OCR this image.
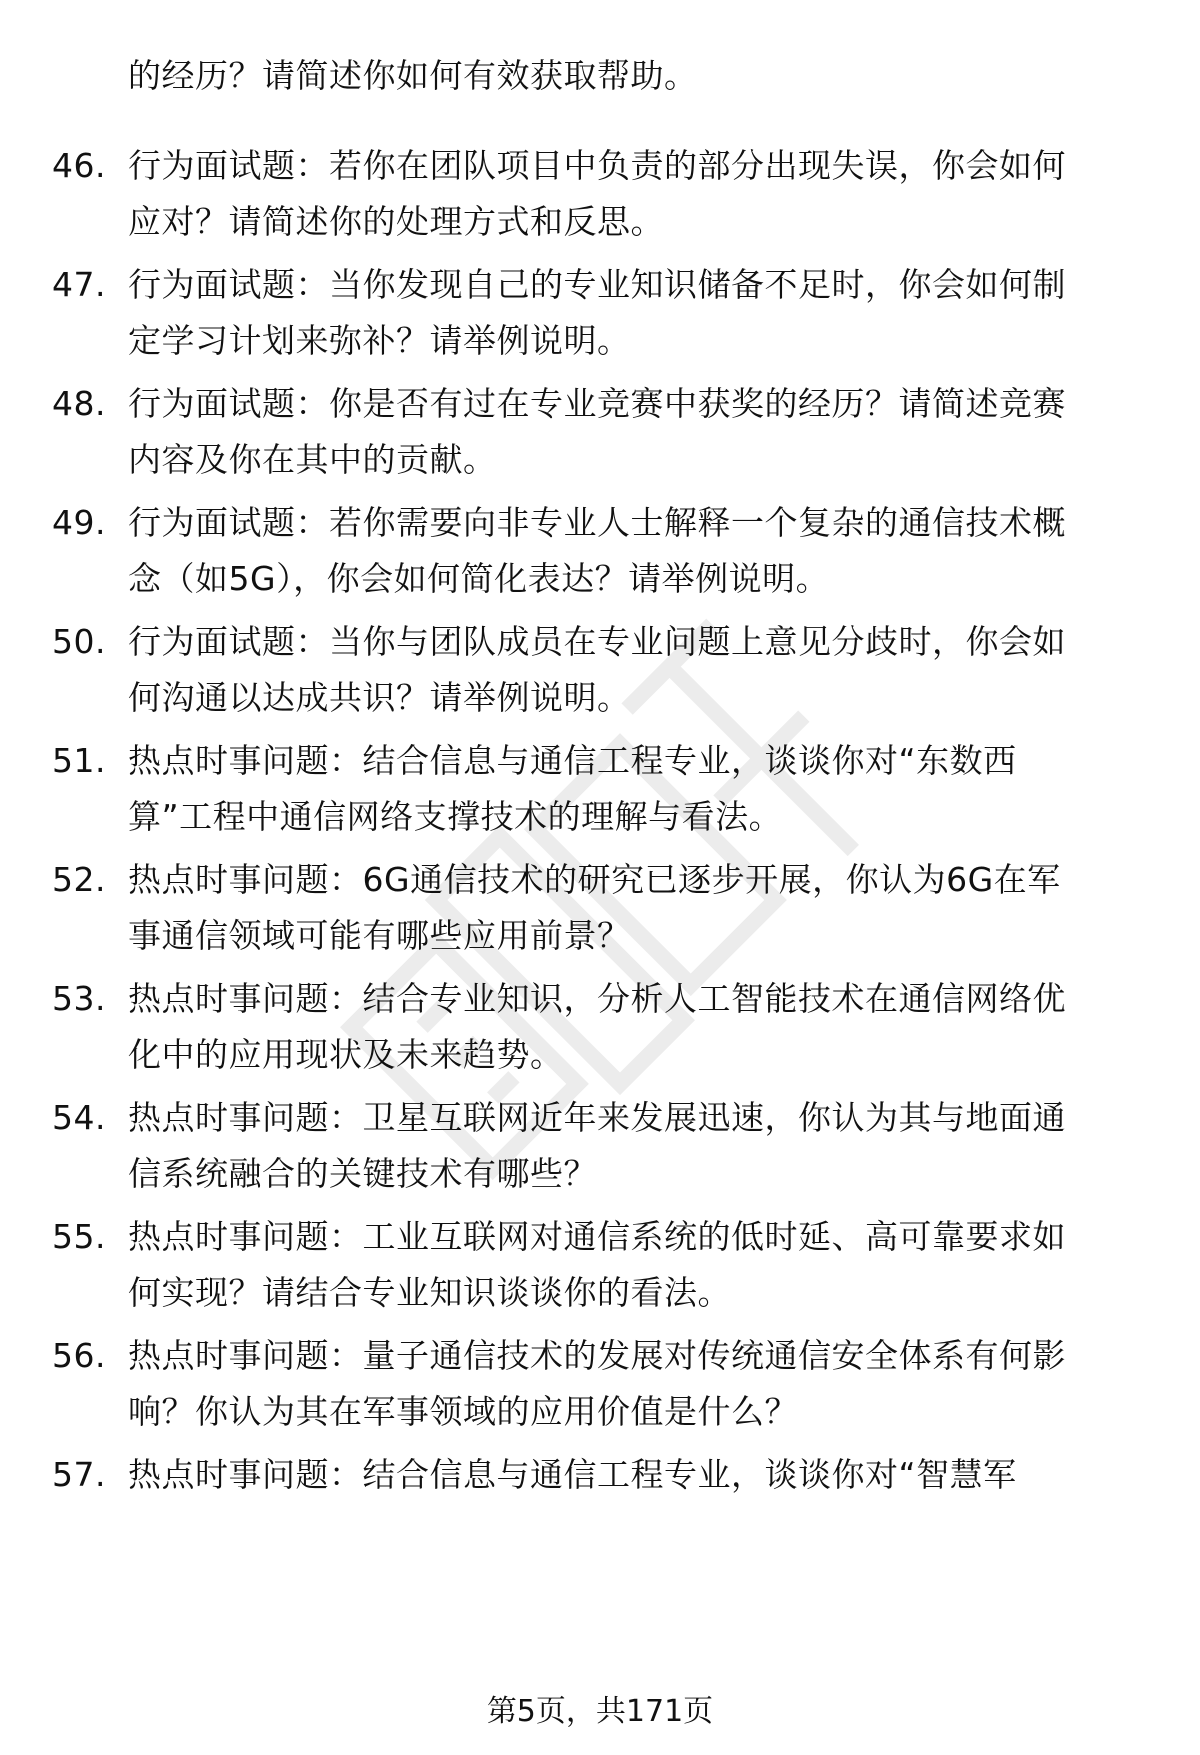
的经历？请简述你如何有效获取帮助。
46. 行为面试题：若你在团队项目中负责的部分出现失误，你会如何
应对？请简述你的处理方式和反思。
47. 行为面试题：当你发现自己的专业知识储备不足时，你会如何制
定学习计划来弥补？请举例说明。
48. 行为面试题：你是否有过在专业竞赛中获奖的经历？请简述竞赛
内容及你在其中的贡献。
49. 行为面试题：若你需要向非专业人士解释一个复杂的通信技术概
念（如5G），你会如何简化表达？请举例说明。
50. 行为面试题：当你与团队成员在专业问题上意见分歧时，你会如
何沟通以达成共识？请举例说明。
51. 热点时事问题：结合信息与通信工程专业，谈谈你对“东数西
算”工程中通信网络支撑技术的理解与看法。
52. 热点时事问题：6G通信技术的研究已逐步开展，你认为6G在军
事通信领域可能有哪些应用前景？
53. 热点时事问题：结合专业知识，分析人工智能技术在通信网络优
化中的应用现状及未来趋势。
54. 热点时事问题：卫星互联网近年来发展迅速，你认为其与地面通
信系统融合的关键技术有哪些？
55. 热点时事问题：工业互联网对通信系统的低时延、高可靠要求如
何实现？请结合专业知识谈谈你的看法。
56. 热点时事问题：量子通信技术的发展对传统通信安全体系有何影
响？你认为其在军事领域的应用价值是什么？
57. 热点时事问题：结合信息与通信工程专业，谈谈你对“智慧军
第5页，共171页
